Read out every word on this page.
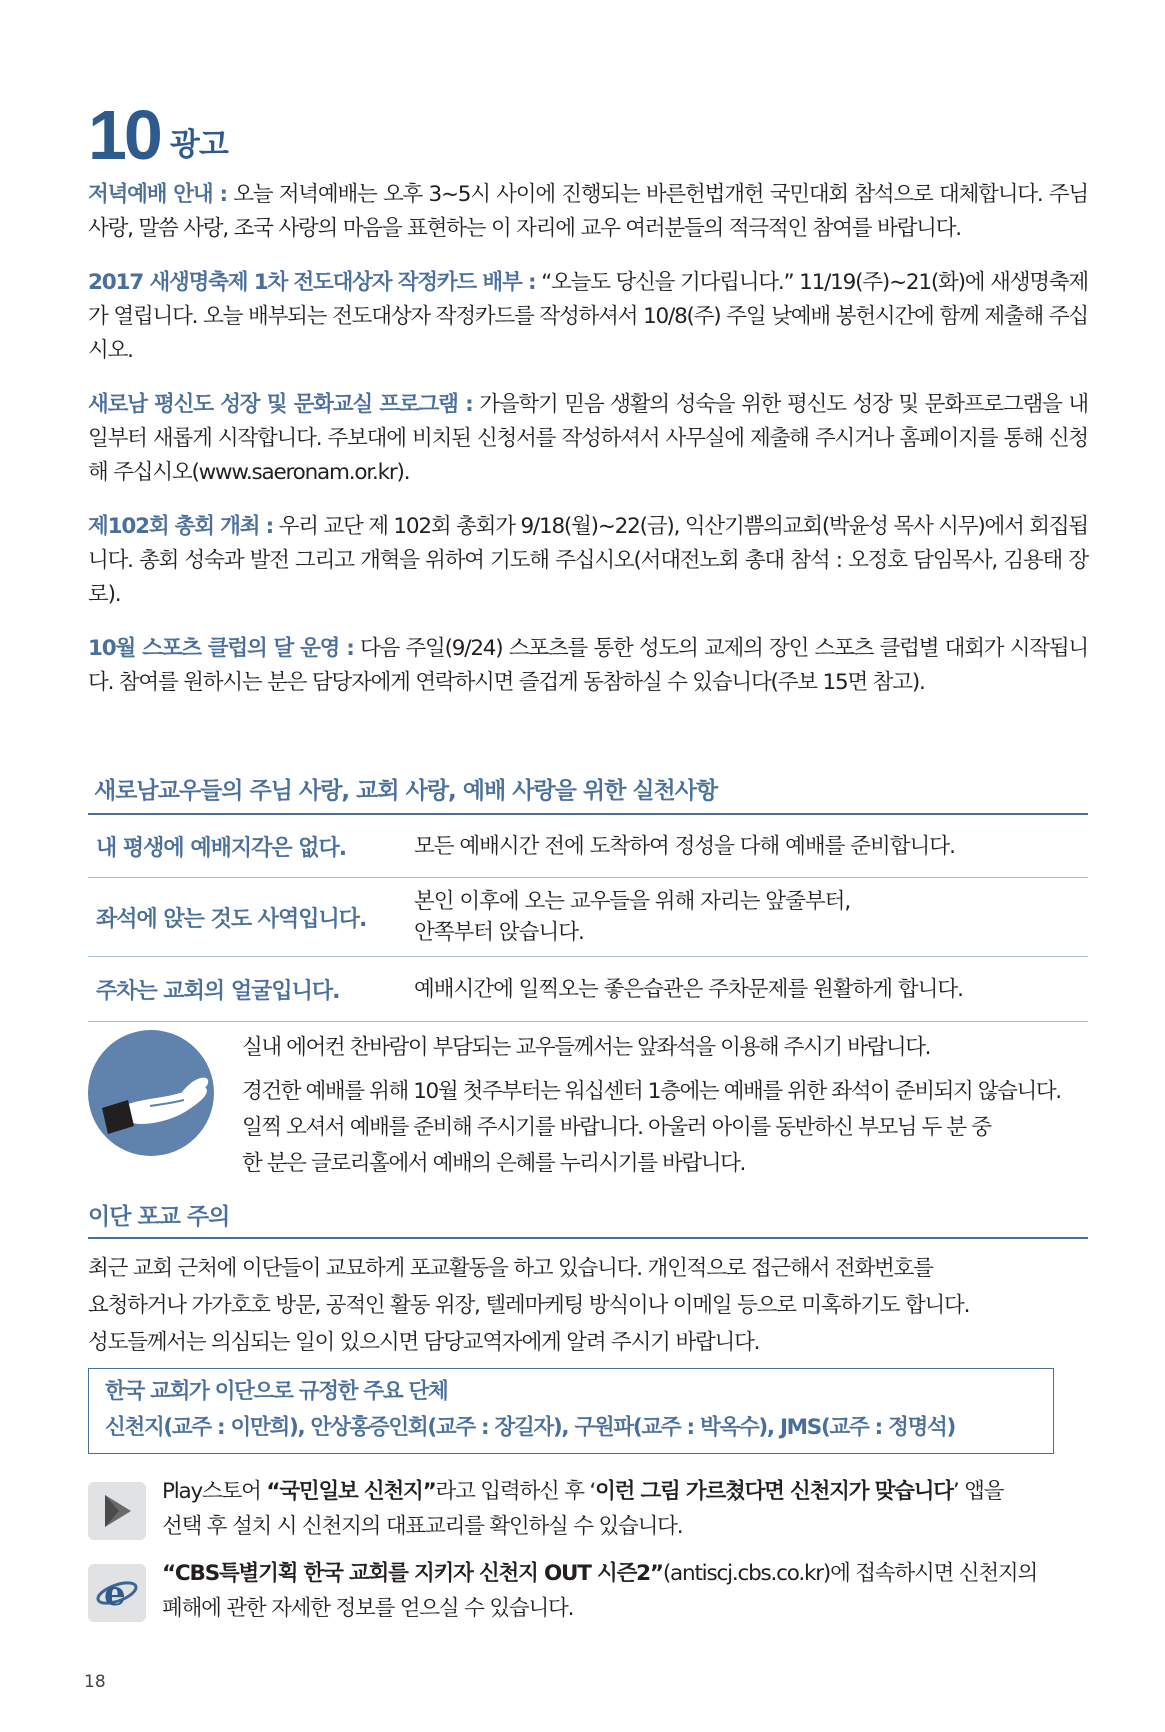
10 광고

저녁예배 안내 : 오늘 저녁예배는 오후 3~5시 사이에 진행되는 바른헌법개헌 국민대회 참석으로 대체합니다. 주님 사랑, 말씀 사랑, 조국 사랑의 마음을 표현하는 이 자리에 교우 여러분들의 적극적인 참여를 바랍니다.

2017 새생명축제 1차 전도대상자 작정카드 배부 : “오늘도 당신을 기다립니다.” 11/19(주)~21(화)에 새생명축제가 열립니다. 오늘 배부되는 전도대상자 작정카드를 작성하셔서 10/8(주) 주일 낮예배 봉헌시간에 함께 제출해 주십시오.

새로남 평신도 성장 및 문화교실 프로그램 : 가을학기 믿음 생활의 성숙을 위한 평신도 성장 및 문화프로그램을 내일부터 새롭게 시작합니다. 주보대에 비치된 신청서를 작성하셔서 사무실에 제출해 주시거나 홈페이지를 통해 신청해 주십시오(www.saeronam.or.kr).

제102회 총회 개최 : 우리 교단 제 102회 총회가 9/18(월)~22(금), 익산기쁨의교회(박윤성 목사 시무)에서 회집됩니다. 총회 성숙과 발전 그리고 개혁을 위하여 기도해 주십시오(서대전노회 총대 참석 : 오정호 담임목사, 김용태 장로).

10월 스포츠 클럽의 달 운영 : 다음 주일(9/24) 스포츠를 통한 성도의 교제의 장인 스포츠 클럽별 대회가 시작됩니다. 참여를 원하시는 분은 담당자에게 연락하시면 즐겁게 동참하실 수 있습니다(주보 15면 참고).

새로남교우들의 주님 사랑, 교회 사랑, 예배 사랑을 위한 실천사항
내 평생에 예배지각은 없다.	모든 예배시간 전에 도착하여 정성을 다해 예배를 준비합니다.
좌석에 앉는 것도 사역입니다.
본인 이후에 오는 교우들을 위해 자리는 앞줄부터,
안쪽부터 앉습니다.
주차는 교회의 얼굴입니다.	예배시간에 일찍오는 좋은습관은 주차문제를 원활하게 합니다.

실내 에어컨 찬바람이 부담되는 교우들께서는 앞좌석을 이용해 주시기 바랍니다.

경건한 예배를 위해 10월 첫주부터는 워십센터 1층에는 예배를 위한 좌석이 준비되지 않습니다.

일찍 오셔서 예배를 준비해 주시기를 바랍니다. 아울러 아이를 동반하신 부모님 두 분 중

한 분은 글로리홀에서 예배의 은혜를 누리시기를 바랍니다.

이단 포교 주의
최근 교회 근처에 이단들이 교묘하게 포교활동을 하고 있습니다. 개인적으로 접근해서 전화번호를
요청하거나 가가호호 방문, 공적인 활동 위장, 텔레마케팅 방식이나 이메일 등으로 미혹하기도 합니다.
성도들께서는 의심되는 일이 있으시면 담당교역자에게 알려 주시기 바랍니다.
한국 교회가 이단으로 규정한 주요 단체
신천지(교주 : 이만희), 안상홍증인회(교주 : 장길자), 구원파(교주 : 박옥수), JMS(교주 : 정명석)
Play스토어 “국민일보 신천지”라고 입력하신 후 ‘이런 그림 가르쳤다면 신천지가 맞습니다’ 앱을
선택 후 설치 시 신천지의 대표교리를 확인하실 수 있습니다.
e
“CBS특별기획 한국 교회를 지키자 신천지 OUT 시즌2”(antiscj.cbs.co.kr)에 접속하시면 신천지의
폐해에 관한 자세한 정보를 얻으실 수 있습니다.
18
